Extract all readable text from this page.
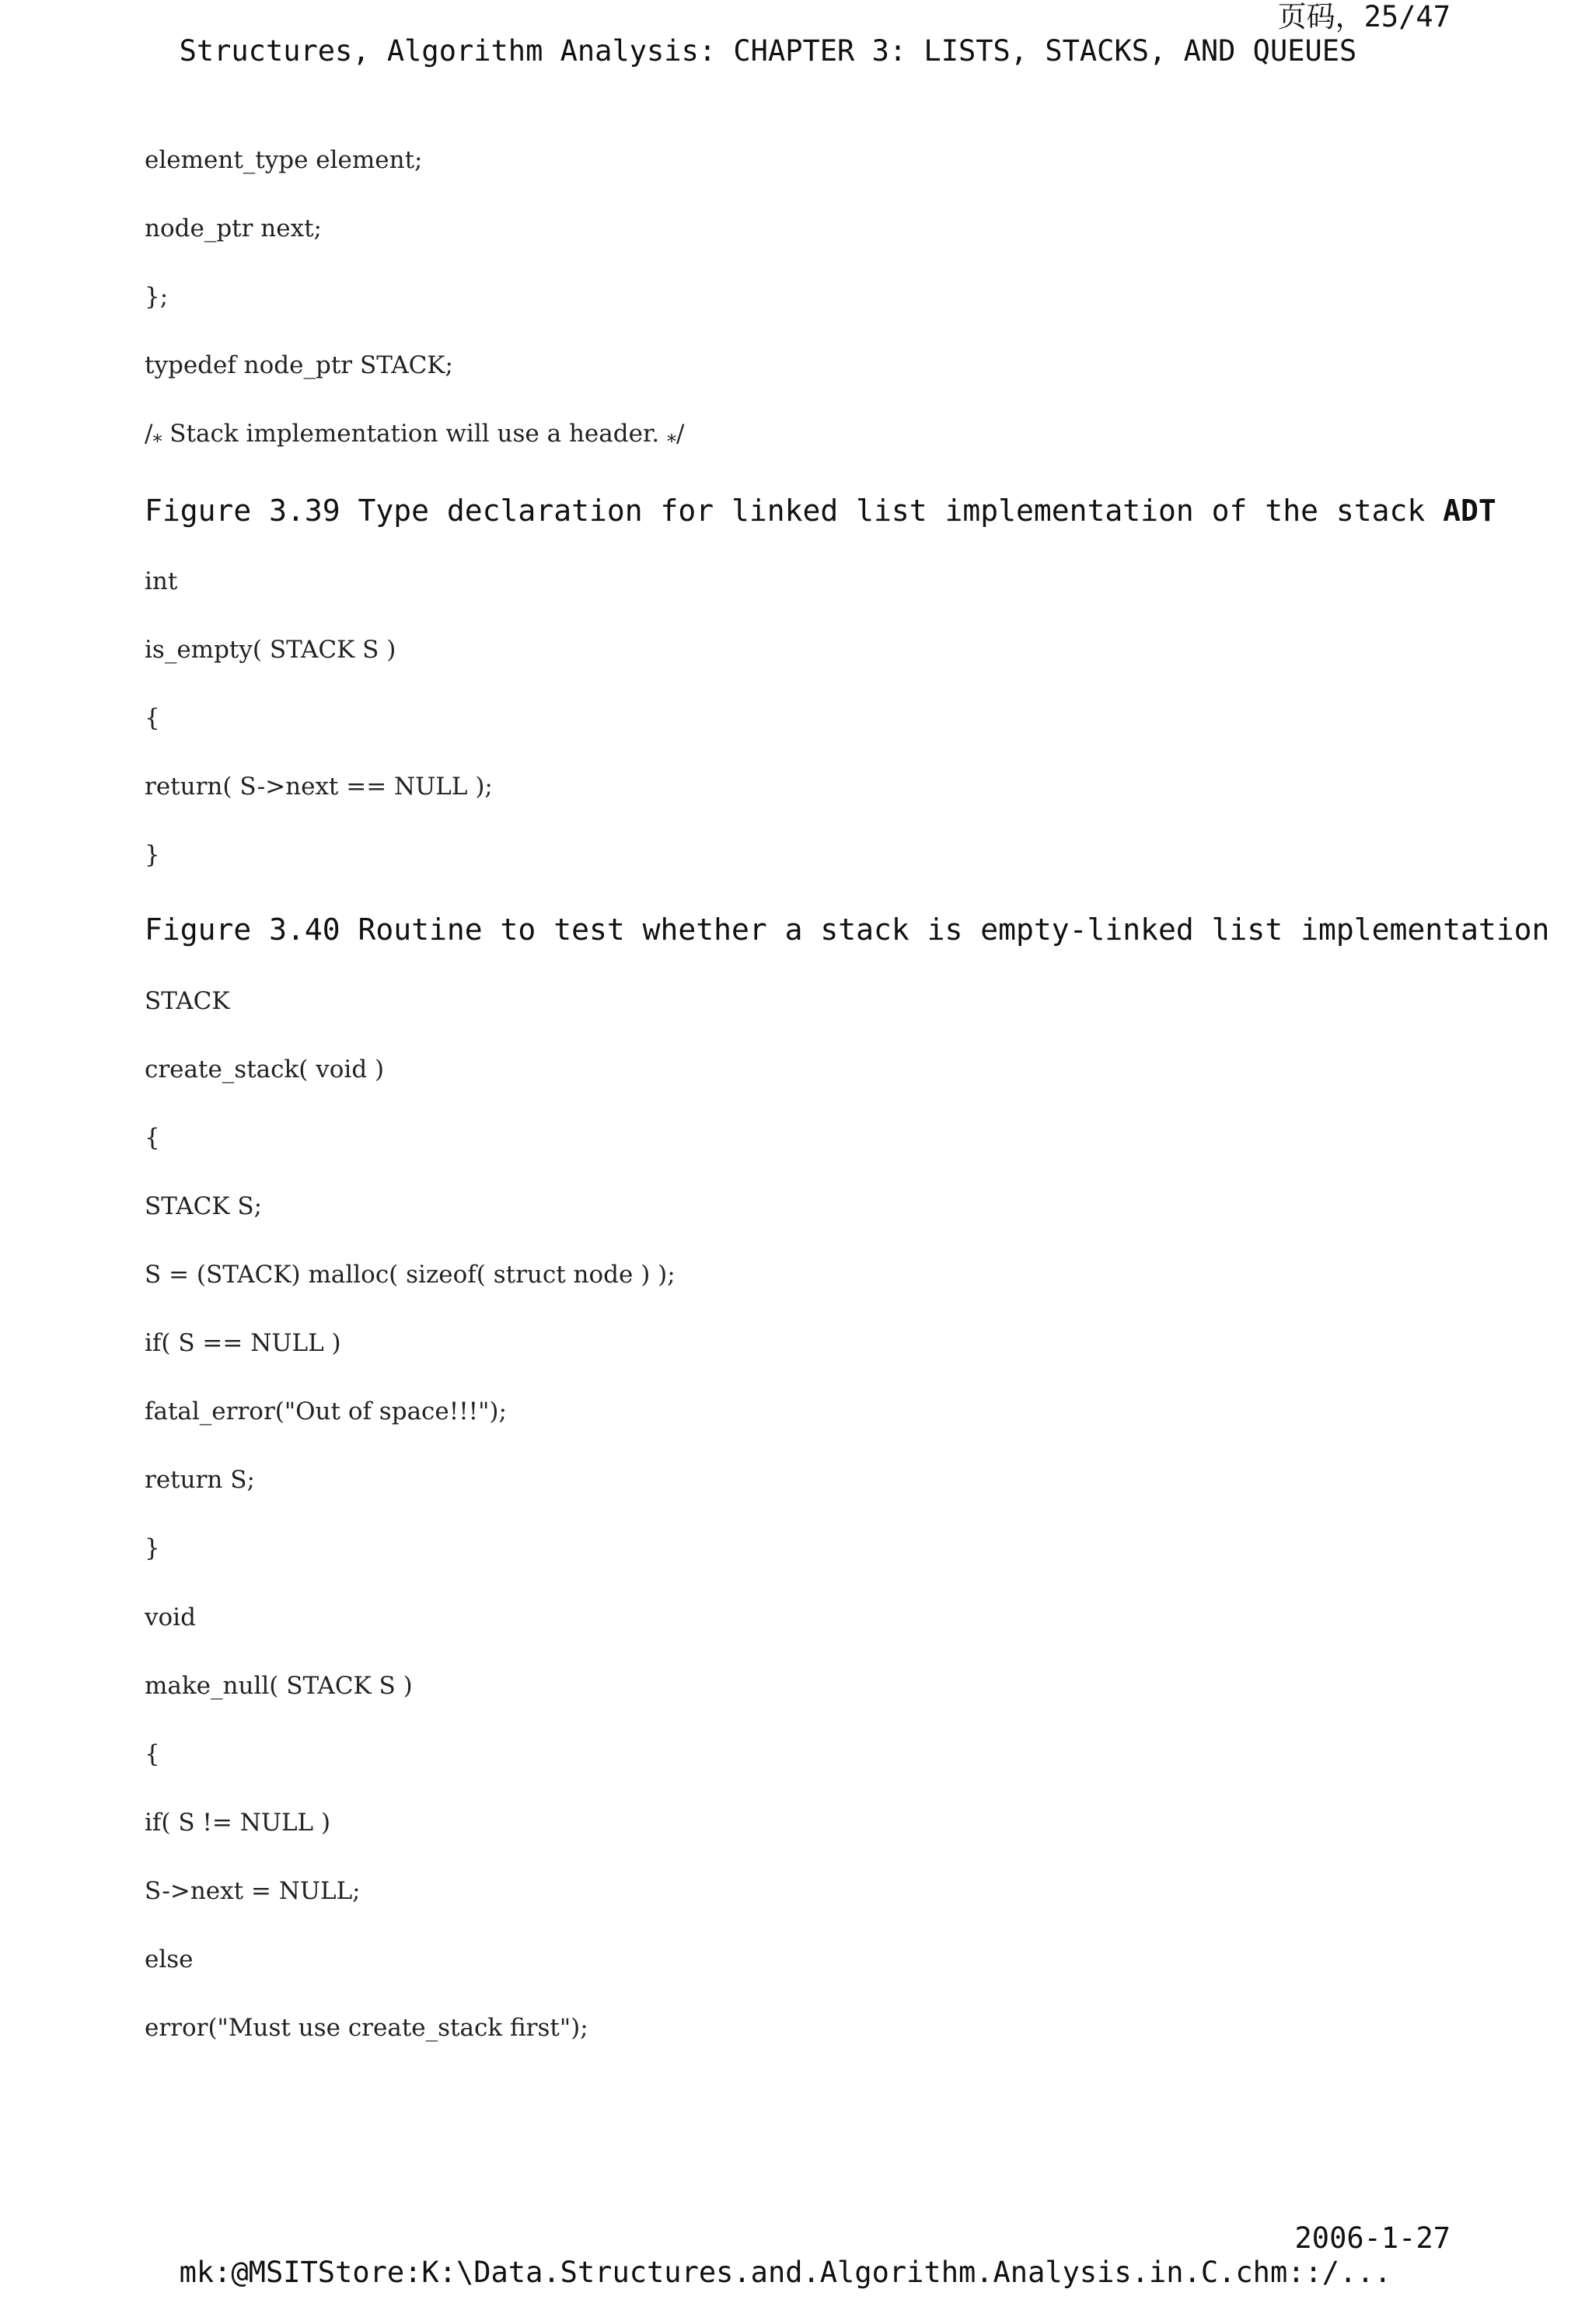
Structures, Algorithm Analysis: CHAPTER 3: LISTS, STACKS, AND QUEUES

页码，25/47

element_type element;
node_ptr next;
};
typedef node_ptr STACK;
$/_*$ Stack implementation will use a header. $_*$/
Figure 3.39 Type declaration for linked list implementation of the stack ADT
int
is_empty( STACK S )
{
return( S->next == NULL );
}
Figure 3.40 Routine to test whether a stack is empty-linked list implementation
STACK
create_stack( void )
{
STACK S;
S = (STACK) malloc( sizeof( struct node ) );
if( S == NULL )
fatal_error("Out of space!!!");
return S;
}
void
make_null( STACK S )
{
if( S != NULL )
S->next = NULL;
else
error("Must use create_stack first");

mk:@MSITStore:K:\Data.Structures.and.Algorithm.Analysis.in.C.chm::/...

2006-1-27
